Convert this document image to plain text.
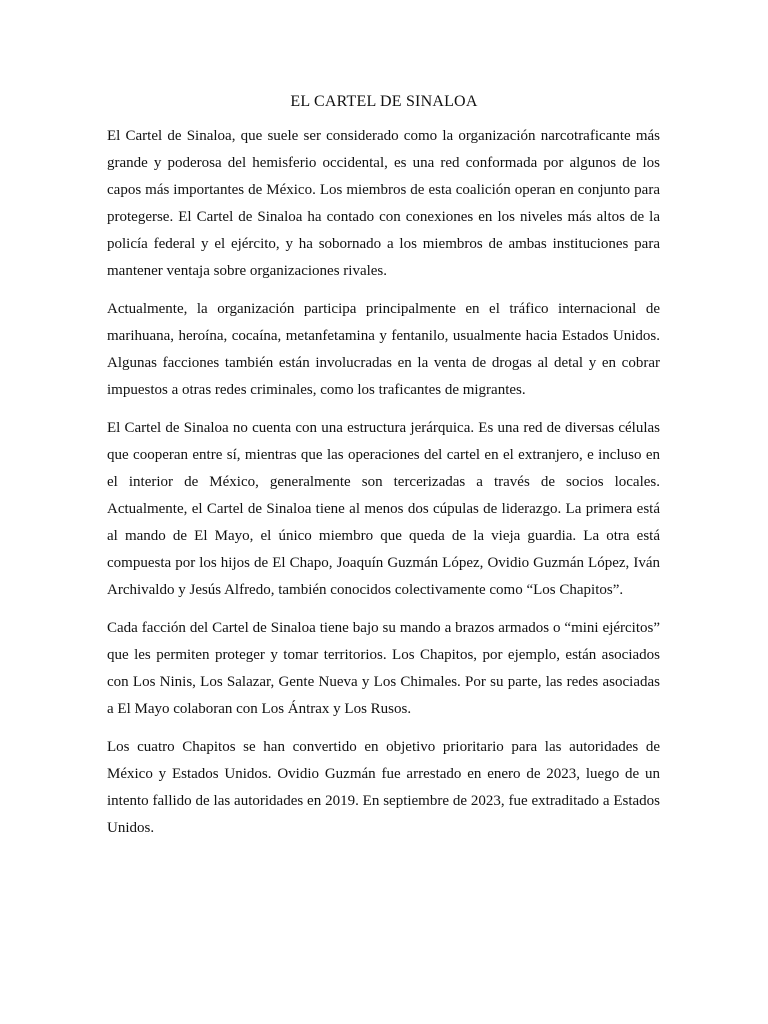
EL CARTEL DE SINALOA

El Cartel de Sinaloa, que suele ser considerado como la organización narcotraficante más grande y poderosa del hemisferio occidental, es una red conformada por algunos de los capos más importantes de México. Los miembros de esta coalición operan en conjunto para protegerse. El Cartel de Sinaloa ha contado con conexiones en los niveles más altos de la policía federal y el ejército, y ha sobornado a los miembros de ambas instituciones para mantener ventaja sobre organizaciones rivales.

Actualmente, la organización participa principalmente en el tráfico internacional de marihuana, heroína, cocaína, metanfetamina y fentanilo, usualmente hacia Estados Unidos. Algunas facciones también están involucradas en la venta de drogas al detal y en cobrar impuestos a otras redes criminales, como los traficantes de migrantes.

El Cartel de Sinaloa no cuenta con una estructura jerárquica. Es una red de diversas células que cooperan entre sí, mientras que las operaciones del cartel en el extranjero, e incluso en el interior de México, generalmente son tercerizadas a través de socios locales. Actualmente, el Cartel de Sinaloa tiene al menos dos cúpulas de liderazgo. La primera está al mando de El Mayo, el único miembro que queda de la vieja guardia. La otra está compuesta por los hijos de El Chapo, Joaquín Guzmán López, Ovidio Guzmán López, Iván Archivaldo y Jesús Alfredo, también conocidos colectivamente como “Los Chapitos”.

Cada facción del Cartel de Sinaloa tiene bajo su mando a brazos armados o “mini ejércitos” que les permiten proteger y tomar territorios. Los Chapitos, por ejemplo, están asociados con Los Ninis, Los Salazar, Gente Nueva y Los Chimales. Por su parte, las redes asociadas a El Mayo colaboran con Los Ántrax y Los Rusos.

Los cuatro Chapitos se han convertido en objetivo prioritario para las autoridades de México y Estados Unidos. Ovidio Guzmán fue arrestado en enero de 2023, luego de un intento fallido de las autoridades en 2019. En septiembre de 2023, fue extraditado a Estados Unidos.
